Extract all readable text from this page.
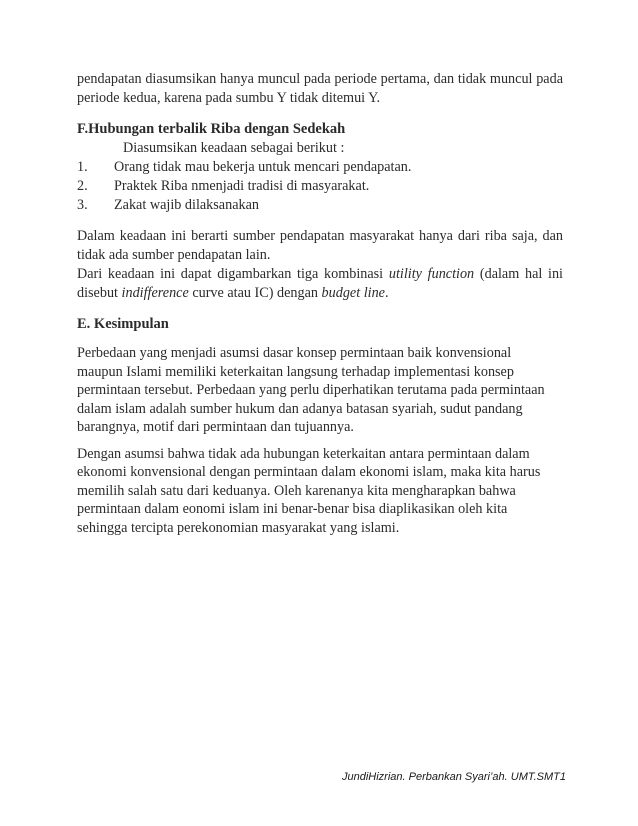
pendapatan diasumsikan hanya muncul pada periode pertama, dan tidak muncul pada periode kedua, karena pada sumbu Y tidak ditemui Y.

F.Hubungan terbalik Riba dengan Sedekah

Diasumsikan keadaan sebagai berikut :

1.	Orang tidak mau bekerja untuk mencari pendapatan.
2.	Praktek Riba nmenjadi tradisi di masyarakat.
3.	Zakat wajib dilaksanakan

Dalam keadaan ini berarti sumber pendapatan masyarakat hanya dari riba saja, dan tidak ada sumber pendapatan lain.

Dari keadaan ini dapat digambarkan tiga kombinasi utility function (dalam hal ini disebut indifference curve atau IC) dengan budget line.

E. Kesimpulan

Perbedaan yang menjadi asumsi dasar konsep permintaan baik konvensional

maupun Islami memiliki keterkaitan langsung terhadap implementasi konsep

permintaan tersebut. Perbedaan yang perlu diperhatikan terutama pada permintaan

dalam islam adalah sumber hukum dan adanya batasan syariah, sudut pandang

barangnya, motif dari permintaan dan tujuannya.

Dengan asumsi bahwa tidak ada hubungan keterkaitan antara permintaan dalam

ekonomi konvensional dengan permintaan dalam ekonomi islam, maka kita harus

memilih salah satu dari keduanya. Oleh karenanya kita mengharapkan bahwa

permintaan dalam eonomi islam ini benar-benar bisa diaplikasikan oleh kita

sehingga tercipta perekonomian masyarakat yang islami.

JundiHizrian. Perbankan Syari’ah. UMT.SMT1
